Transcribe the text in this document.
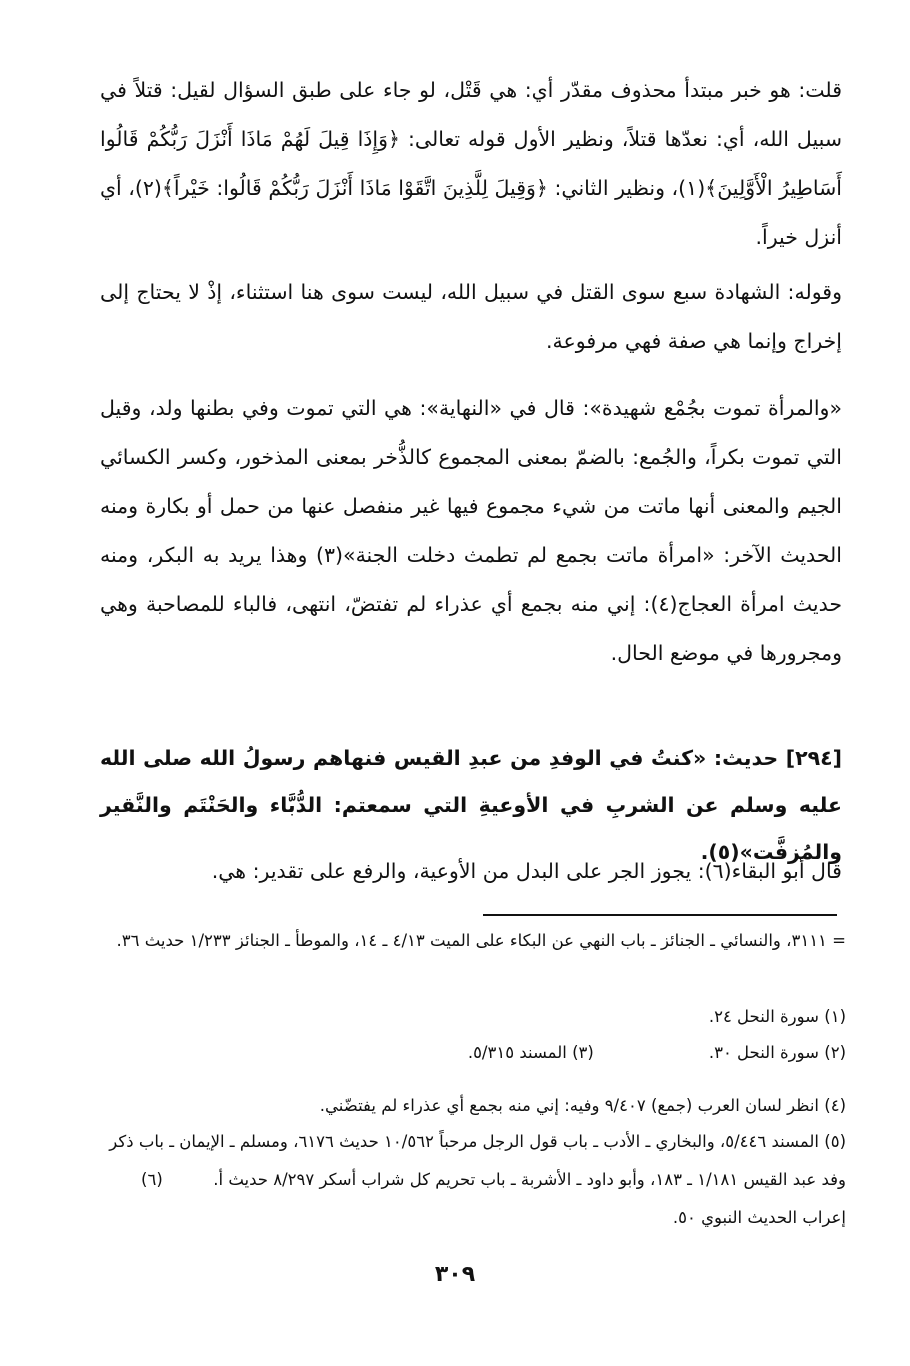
قلت: هو خبر مبتدأ محذوف مقدّر أي: هي قَتْل، لو جاء على طبق السؤال لقيل: قتلاً في سبيل الله، أي: نعدّها قتلاً، ونظير الأول قوله تعالى: ﴿وَإِذَا قِيلَ لَهُمْ مَاذَا أَنْزَلَ رَبُّكُمْ قَالُوا أَسَاطِيرُ الْأَوَّلِينَ﴾(١)، ونظير الثاني: ﴿وَقِيلَ لِلَّذِينَ اتَّقَوْا مَاذَا أَنْزَلَ رَبُّكُمْ قَالُوا: خَيْراً﴾(٢)، أي أنزل خيراً.
وقوله: الشهادة سبع سوى القتل في سبيل الله، ليست سوى هنا استثناء، إذْ لا يحتاج إلى إخراج وإنما هي صفة فهي مرفوعة.
«والمرأة تموت بجُمْع شهيدة»: قال في «النهاية»: هي التي تموت وفي بطنها ولد، وقيل التي تموت بكراً، والجُمع: بالضمّ بمعنى المجموع كالذُّخر بمعنى المذخور، وكسر الكسائي الجيم والمعنى أنها ماتت من شيء مجموع فيها غير منفصل عنها من حمل أو بكارة ومنه الحديث الآخر: «امرأة ماتت بجمع لم تطمث دخلت الجنة»(٣) وهذا يريد به البكر، ومنه حديث امرأة العجاج(٤): إني منه بجمع أي عذراء لم تفتضّ، انتهى، فالباء للمصاحبة وهي ومجرورها في موضع الحال.
[٢٩٤] حديث: «كنتُ في الوفدِ من عبدِ القيس فنهاهم رسولُ الله صلى الله عليه وسلم عن الشربِ في الأوعيةِ التي سمعتم: الدُّبَّاء والحَنْتَم والنَّقير والمُزفَّت»(٥).
قال أبو البقاء(٦): يجوز الجر على البدل من الأوعية، والرفع على تقدير: هي.
= ٣١١١، والنسائي ـ الجنائز ـ باب النهي عن البكاء على الميت ٤/١٣ ـ ١٤، والموطأ ـ الجنائز ١/٢٣٣ حديث ٣٦.
(١) سورة النحل ٢٤.
(٢) سورة النحل ٣٠.
(٣) المسند ٥/٣١٥.
(٤) انظر لسان العرب (جمع) ٩/٤٠٧ وفيه: إني منه بجمع أي عذراء لم يفتضّني.
(٥) المسند ٥/٤٤٦، والبخاري ـ الأدب ـ باب قول الرجل مرحباً ١٠/٥٦٢ حديث ٦١٧٦، ومسلم ـ الإيمان ـ باب ذكر وفد عبد القيس ١/١٨١ ـ ١٨٣، وأبو داود ـ الأشربة ـ باب تحريم كل شراب أسكر ٨/٢٩٧ حديث أ.  (٦) إعراب الحديث النبوي ٥٠.
٣٠٩
